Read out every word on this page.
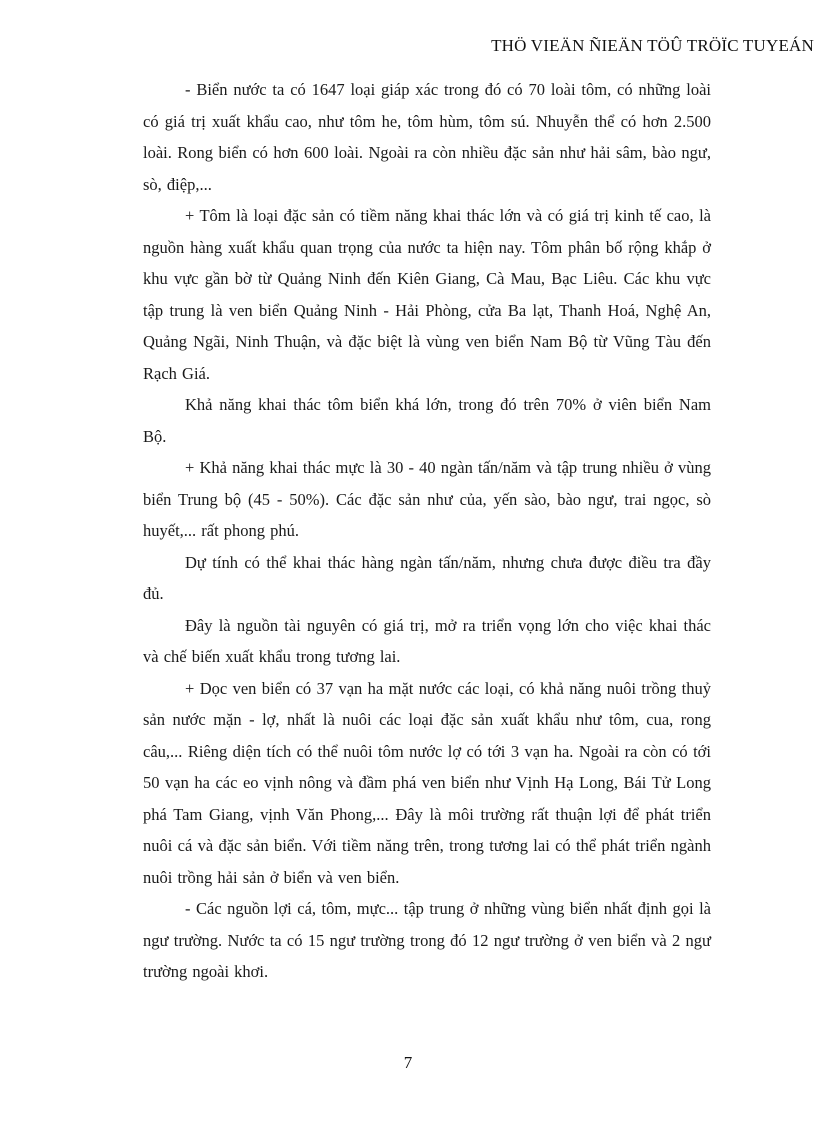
THÖ VIEÄN ÑIEÄN TÖÛ TRÖÏC TUYEÁN

- Biển nước ta có 1647 loại giáp xác trong đó có 70 loài tôm, có những loài có giá trị xuất khẩu cao, như tôm he, tôm hùm, tôm sú. Nhuyễn thể có hơn 2.500 loài. Rong biển có hơn 600 loài. Ngoài ra còn nhiều đặc sản như hải sâm, bào ngư, sò, điệp,...

+ Tôm là loại đặc sản có tiềm năng khai thác lớn và có giá trị kinh tế cao, là nguồn hàng xuất khẩu quan trọng của nước ta hiện nay. Tôm phân bố rộng khắp ở khu vực gần bờ từ Quảng Ninh đến Kiên Giang, Cà Mau, Bạc Liêu. Các khu vực tập trung là ven biển Quảng Ninh - Hải Phòng, cửa Ba lạt, Thanh Hoá, Nghệ An, Quảng Ngãi, Ninh Thuận, và đặc biệt là vùng ven biển Nam Bộ từ Vũng Tàu đến Rạch Giá.

Khả năng khai thác tôm biển khá lớn, trong đó trên 70% ở viên biển Nam Bộ.

+ Khả năng khai thác mực là 30 - 40 ngàn tấn/năm và tập trung nhiều ở vùng biển Trung bộ (45 - 50%). Các đặc sản như của, yến sào, bào ngư, trai ngọc, sò huyết,... rất phong phú.

Dự tính có thể khai thác hàng ngàn tấn/năm, nhưng chưa được điều tra đầy đủ.

Đây là nguồn tài nguyên có giá trị, mở ra triển vọng lớn cho việc khai thác và chế biến xuất khẩu trong tương lai.

+ Dọc ven biển có 37 vạn ha mặt nước các loại, có khả năng nuôi trồng thuỷ sản nước mặn - lợ, nhất là nuôi các loại đặc sản xuất khẩu như tôm, cua, rong câu,... Riêng diện tích có thể nuôi tôm nước lợ có tới 3 vạn ha. Ngoài ra còn có tới 50 vạn ha các eo vịnh nông và đầm phá ven biển như Vịnh Hạ Long, Bái Tử Long phá Tam Giang, vịnh Văn Phong,... Đây là môi trường rất thuận lợi để phát triển nuôi cá và đặc sản biển. Với tiềm năng trên, trong tương lai có thể phát triển ngành nuôi trồng hải sản ở biển và ven biển.

- Các nguồn lợi cá, tôm, mực... tập trung ở những vùng biển nhất định gọi là ngư trường. Nước ta có 15 ngư trường trong đó 12 ngư trường ở ven biển và 2 ngư trường ngoài khơi.

7
